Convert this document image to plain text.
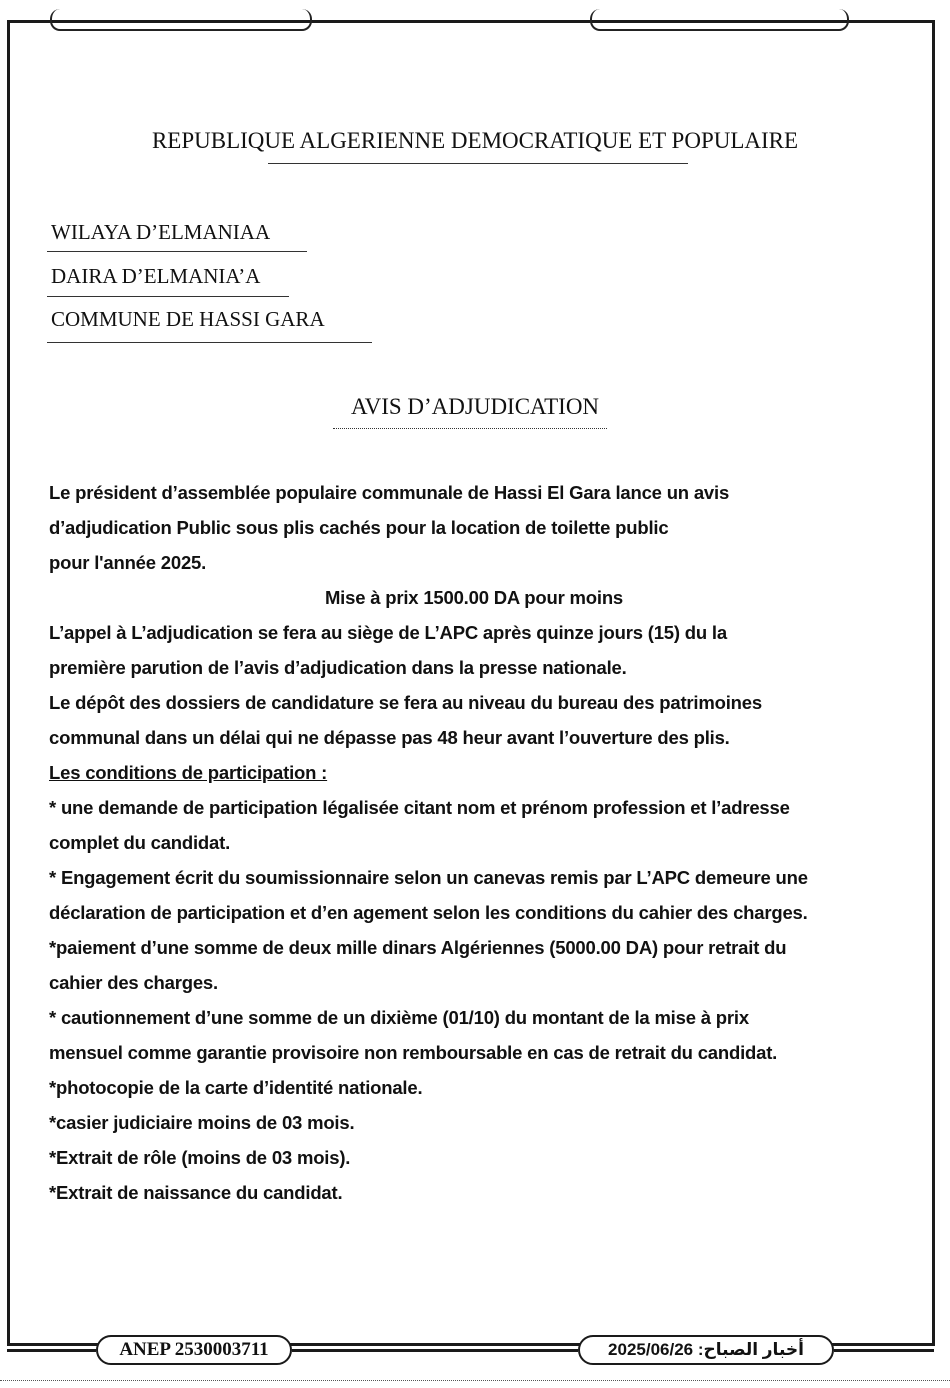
REPUBLIQUE ALGERIENNE DEMOCRATIQUE ET POPULAIRE
WILAYA D’ELMANIAA
DAIRA D’ELMANIA’A
COMMUNE DE HASSI GARA
AVIS D’ADJUDICATION
Le président d’assemblée populaire communale de Hassi El Gara lance un avis
d’adjudication Public sous plis cachés pour la location de toilette public
pour l'année 2025.
Mise à prix 1500.00 DA pour moins
L’appel à L’adjudication se fera au siège de L’APC après quinze jours (15) du la
première parution de l’avis d’adjudication dans la presse nationale.
Le dépôt des dossiers de candidature se fera au niveau du bureau des patrimoines
communal dans un délai qui ne dépasse pas 48 heur avant l’ouverture des plis.
Les conditions de participation :
* une demande de participation légalisée citant nom et prénom profession et l’adresse
complet du candidat.
* Engagement écrit du soumissionnaire selon un canevas remis par L’APC demeure une
déclaration de participation et d’en agement selon les conditions du cahier des charges.
*paiement d’une somme de deux mille dinars Algériennes (5000.00 DA) pour retrait du
cahier des charges.
* cautionnement d’une somme de un dixième (01/10) du montant de la mise à prix
mensuel comme garantie provisoire non remboursable en cas de retrait du candidat.
*photocopie de la carte d’identité nationale.
*casier judiciaire moins de 03 mois.
*Extrait de rôle (moins de 03 mois).
*Extrait de naissance du candidat.
ANEP 2530003711	أخبار الصباح: 2025/06/26
